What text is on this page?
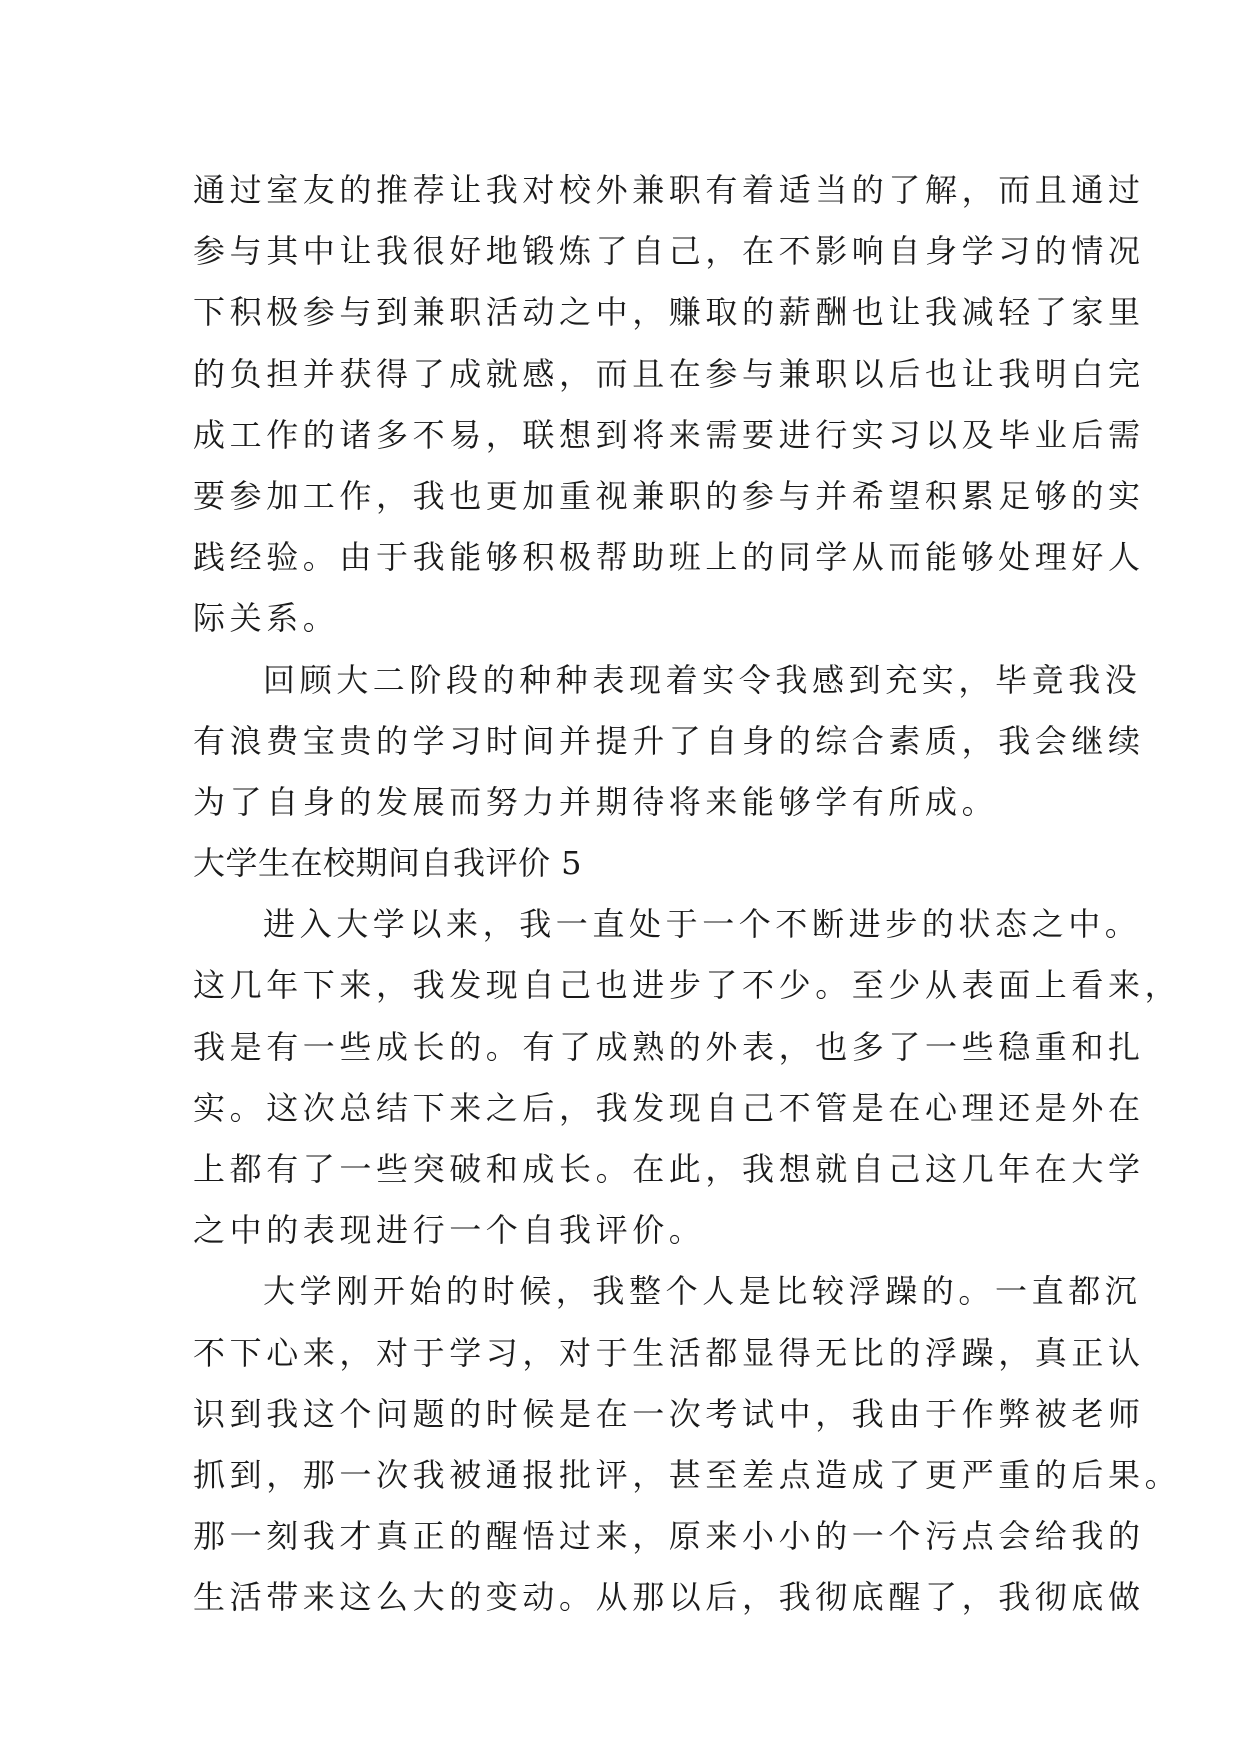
通过室友的推荐让我对校外兼职有着适当的了解，而且通过
参与其中让我很好地锻炼了自己，在不影响自身学习的情况
下积极参与到兼职活动之中，赚取的薪酬也让我减轻了家里
的负担并获得了成就感，而且在参与兼职以后也让我明白完
成工作的诸多不易，联想到将来需要进行实习以及毕业后需
要参加工作，我也更加重视兼职的参与并希望积累足够的实
践经验。由于我能够积极帮助班上的同学从而能够处理好人
际关系。
回顾大二阶段的种种表现着实令我感到充实，毕竟我没
有浪费宝贵的学习时间并提升了自身的综合素质，我会继续
为了自身的发展而努力并期待将来能够学有所成。
大学生在校期间自我评价 5
进入大学以来，我一直处于一个不断进步的状态之中。
这几年下来，我发现自己也进步了不少。至少从表面上看来，
我是有一些成长的。有了成熟的外表，也多了一些稳重和扎
实。这次总结下来之后，我发现自己不管是在心理还是外在
上都有了一些突破和成长。在此，我想就自己这几年在大学
之中的表现进行一个自我评价。
大学刚开始的时候，我整个人是比较浮躁的。一直都沉
不下心来，对于学习，对于生活都显得无比的浮躁，真正认
识到我这个问题的时候是在一次考试中，我由于作弊被老师
抓到，那一次我被通报批评，甚至差点造成了更严重的后果。
那一刻我才真正的醒悟过来，原来小小的一个污点会给我的
生活带来这么大的变动。从那以后，我彻底醒了，我彻底做
